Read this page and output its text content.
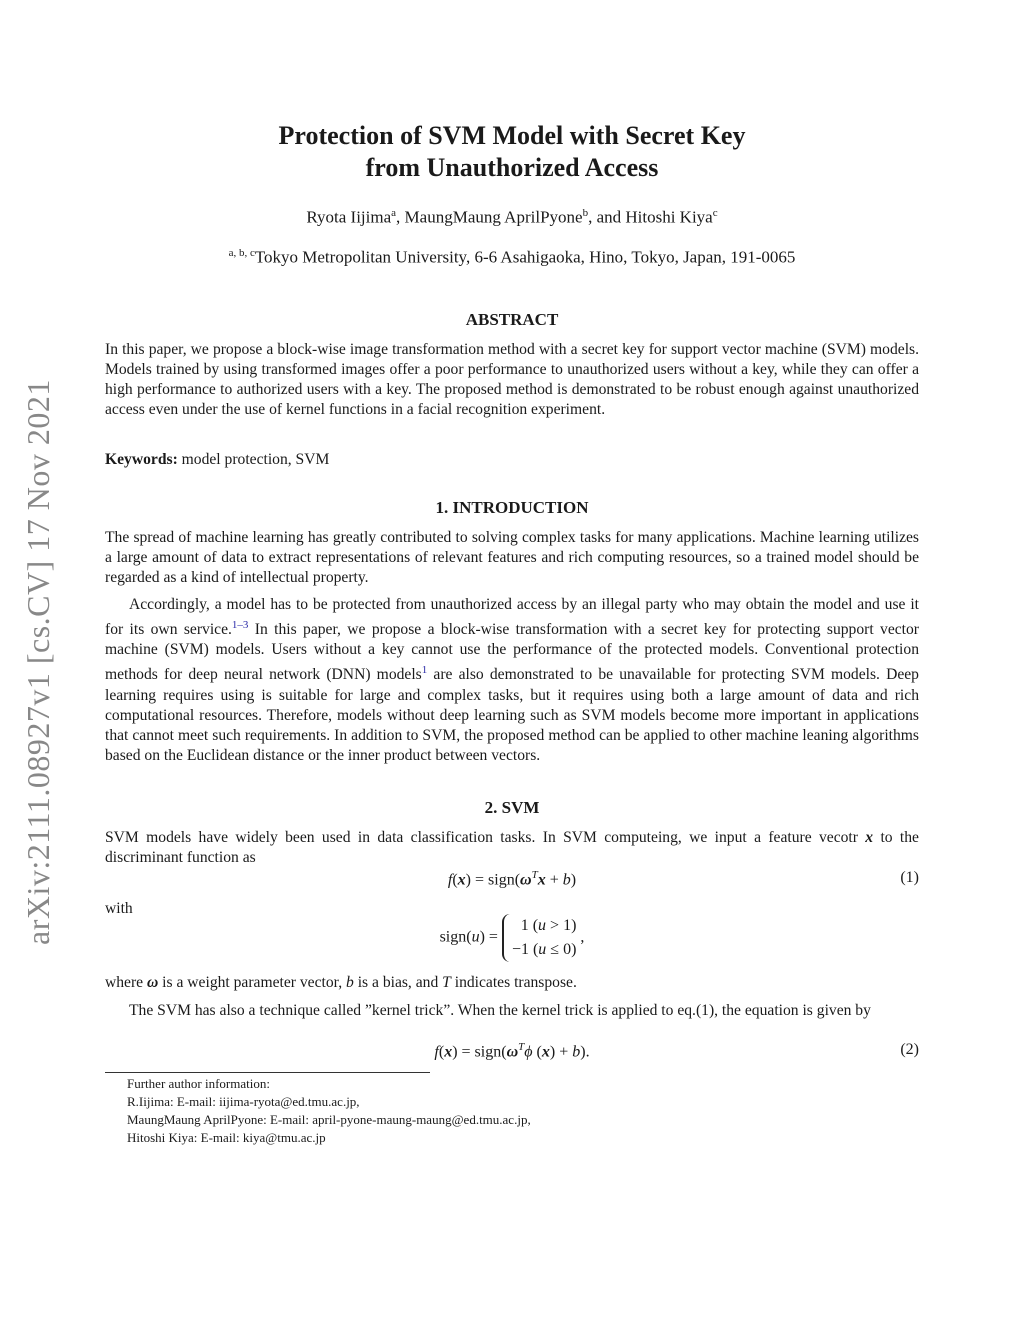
arXiv:2111.08927v1 [cs.CV] 17 Nov 2021
Protection of SVM Model with Secret Key
from Unauthorized Access
Ryota Iijima$^a$, MaungMaung AprilPyone$^b$, and Hitoshi Kiya$^c$
$^{a, b, c}$Tokyo Metropolitan University, 6-6 Asahigaoka, Hino, Tokyo, Japan, 191-0065
ABSTRACT
In this paper, we propose a block-wise image transformation method with a secret key for support vector machine (SVM) models. Models trained by using transformed images offer a poor performance to unauthorized users without a key, while they can offer a high performance to authorized users with a key. The proposed method is demonstrated to be robust enough against unauthorized access even under the use of kernel functions in a facial recognition experiment.
Keywords: model protection, SVM
1. INTRODUCTION
The spread of machine learning has greatly contributed to solving complex tasks for many applications. Machine learning utilizes a large amount of data to extract representations of relevant features and rich computing resources, so a trained model should be regarded as a kind of intellectual property.
Accordingly, a model has to be protected from unauthorized access by an illegal party who may obtain the model and use it for its own service.$^{1-3}$ In this paper, we propose a block-wise transformation with a secret key for protecting support vector machine (SVM) models. Users without a key cannot use the performance of the protected models. Conventional protection methods for deep neural network (DNN) models$^1$ are also demonstrated to be unavailable for protecting SVM models. Deep learning requires using is suitable for large and complex tasks, but it requires using both a large amount of data and rich computational resources. Therefore, models without deep learning such as SVM models become more important in applications that cannot meet such requirements. In addition to SVM, the proposed method can be applied to other machine leaning algorithms based on the Euclidean distance or the inner product between vectors.
2. SVM
SVM models have widely been used in data classification tasks. In SVM computeing, we input a feature vecotr x to the discriminant function as
$f(x) = sign(\omega^Tx + b)$	(1)
with
sign(u) =
1 (u > 1)
−1 (u ≤ 0)
,
where ω is a weight parameter vector, b is a bias, and T indicates transpose.
The SVM has also a technique called ”kernel trick”. When the kernel trick is applied to eq.(1), the equation is given by
$f(x) = sign(\omega^T\phi$ (x) + b).	(2)
Further author information:
R.Iijima: E-mail: iijima-ryota@ed.tmu.ac.jp,
MaungMaung AprilPyone: E-mail: april-pyone-maung-maung@ed.tmu.ac.jp,
Hitoshi Kiya: E-mail: kiya@tmu.ac.jp
